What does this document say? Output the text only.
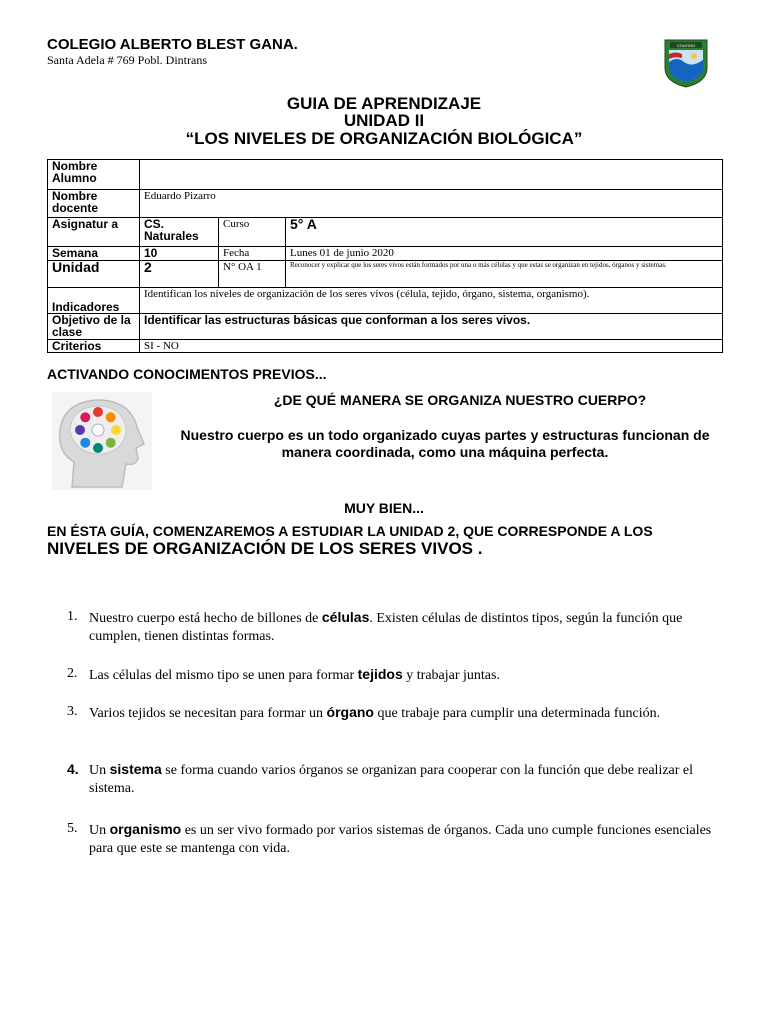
COLEGIO ALBERTO BLEST GANA.
Santa Adela # 769 Pobl. Dintrans
COLEGIO
GUIA DE APRENDIZAJE
UNIDAD II
“LOS NIVELES DE ORGANIZACIÓN BIOLÓGICA”
Nombre Alumno			
Nombre docente	Eduardo Pizarro		
Asignatur a	CS. Naturales	Curso	5° A
Semana	10	Fecha	Lunes 01 de junio 2020
Unidad	2	N° OA 1	Reconocer y explicar que los seres vivos están formados por una o más células y que estas se organizan en tejidos, órganos y sistemas.
Indicadores	Identifican los niveles de organización de los seres vivos (célula, tejido, órgano, sistema, organismo).		
Objetivo de la clase	Identificar las estructuras básicas que conforman a los seres vivos.		
Criterios	SI - NO		
ACTIVANDO CONOCIMENTOS PREVIOS...
¿DE QUÉ MANERA SE ORGANIZA NUESTRO CUERPO?
Nuestro cuerpo es un todo organizado cuyas partes y estructuras funcionan de manera coordinada, como una máquina perfecta.
MUY BIEN...
EN ÉSTA GUÍA, COMENZAREMOS A ESTUDIAR LA UNIDAD 2, QUE CORRESPONDE A LOS NIVELES DE ORGANIZACIÓN DE LOS SERES VIVOS .
1. Nuestro cuerpo está hecho de billones de células. Existen células de distintos tipos, según la función que cumplen, tienen distintas formas.
2. Las células del mismo tipo se unen para formar tejidos y trabajar juntas.
3. Varios tejidos se necesitan para formar un órgano que trabaje para cumplir una determinada función.
4. Un sistema se forma cuando varios órganos se organizan para cooperar con la función que debe realizar el sistema.
5. Un organismo es un ser vivo formado por varios sistemas de órganos. Cada uno cumple funciones esenciales para que este se mantenga con vida.
